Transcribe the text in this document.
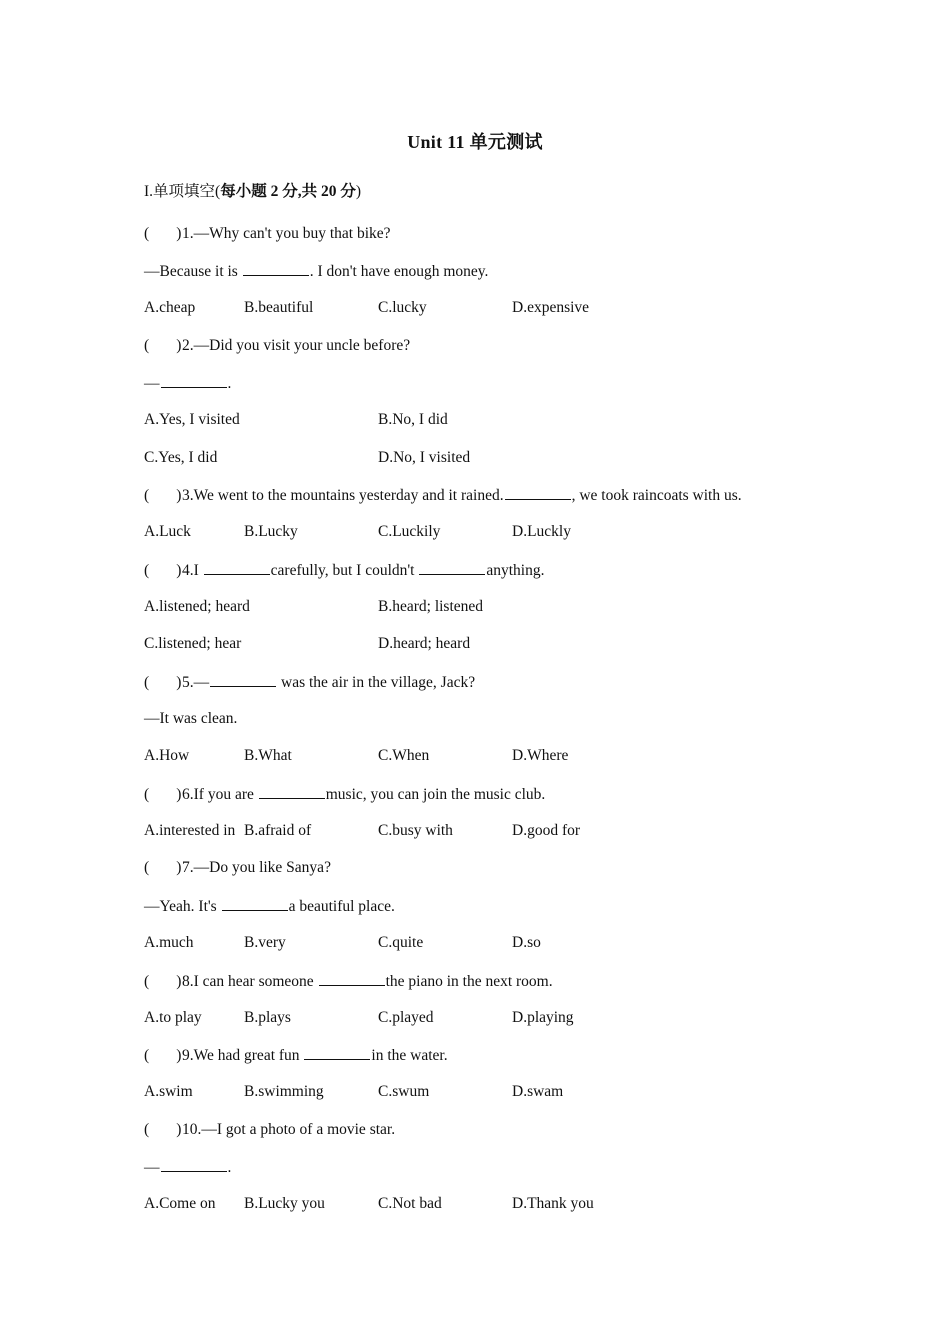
Unit 11 单元测试
I.单项填空(每小题 2 分,共 20 分)
(       )1.—Why can't you buy that bike?
—Because it is	. I don't have enough money.
A.cheap	B.beautiful	C.lucky	D.expensive
(       )2.—Did you visit your uncle before?
—	.
A.Yes, I visited	B.No, I did
C.Yes, I did	D.No, I visited
(       )3.We went to the mountains yesterday and it rained.	, we took raincoats with us.
A.Luck	B.Lucky	C.Luckily	D.Luckly
(       )4.I	carefully, but I couldn't	anything.
A.listened; heard	B.heard; listened
C.listened; hear	D.heard; heard
(       )5.—	was the air in the village, Jack?
—It was clean.
A.How	B.What	C.When	D.Where
(       )6.If you are	music, you can join the music club.
A.interested in B.afraid of	C.busy with	D.good for
(       )7.—Do you like Sanya?
—Yeah. It's	a beautiful place.
A.much	B.very	C.quite	D.so
(       )8.I can hear someone	the piano in the next room.
A.to play	B.plays	C.played	D.playing
(       )9.We had great fun	in the water.
A.swim	B.swimming	C.swum	D.swam
(       )10.—I got a photo of a movie star.
—	.
A.Come on B.Lucky you	C.Not bad	D.Thank you
